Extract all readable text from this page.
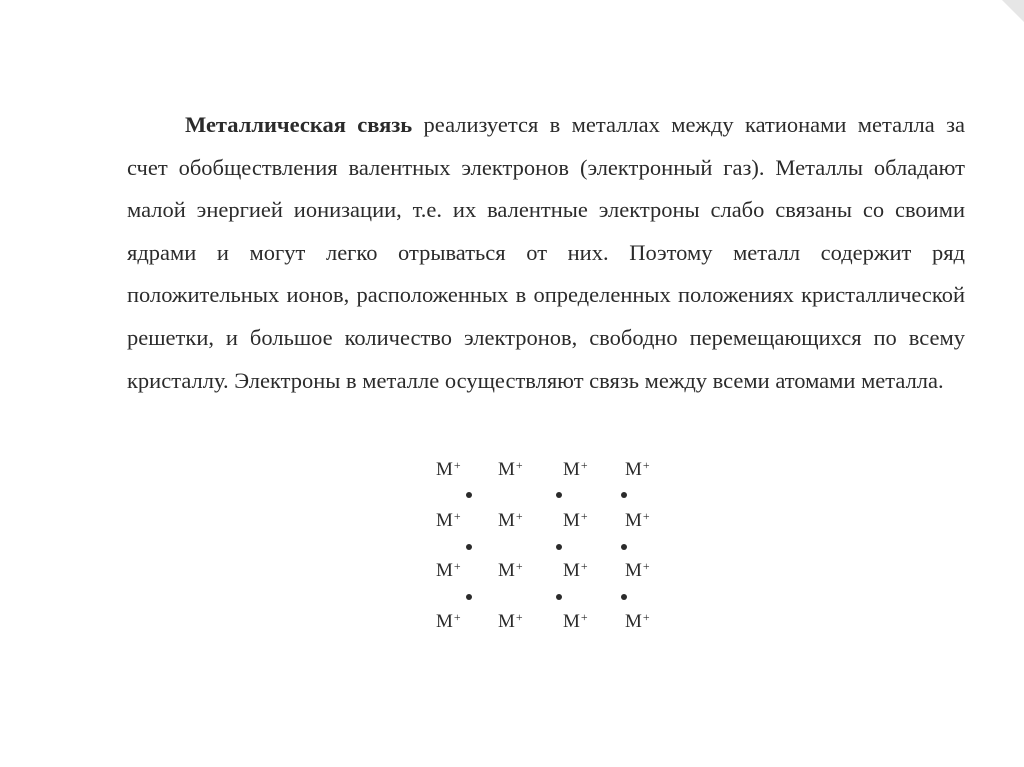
Металлическая связь реализуется в металлах между катионами металла за счет обобществления валентных электронов (электронный газ). Металлы обладают малой энергией ионизации, т.е. их валентные электроны слабо связаны со своими ядрами и могут легко отрываться от них. Поэтому металл содержит ряд положительных ионов, расположенных в определенных положениях кристаллической решетки, и большое количество электронов, свободно перемещающихся по всему кристаллу. Электроны в металле осуществляют связь между всеми атомами металла.

M+ M+ M+ M+
M+ M+ M+ M+
M+ M+ M+ M+
M+ M+ M+ M+
